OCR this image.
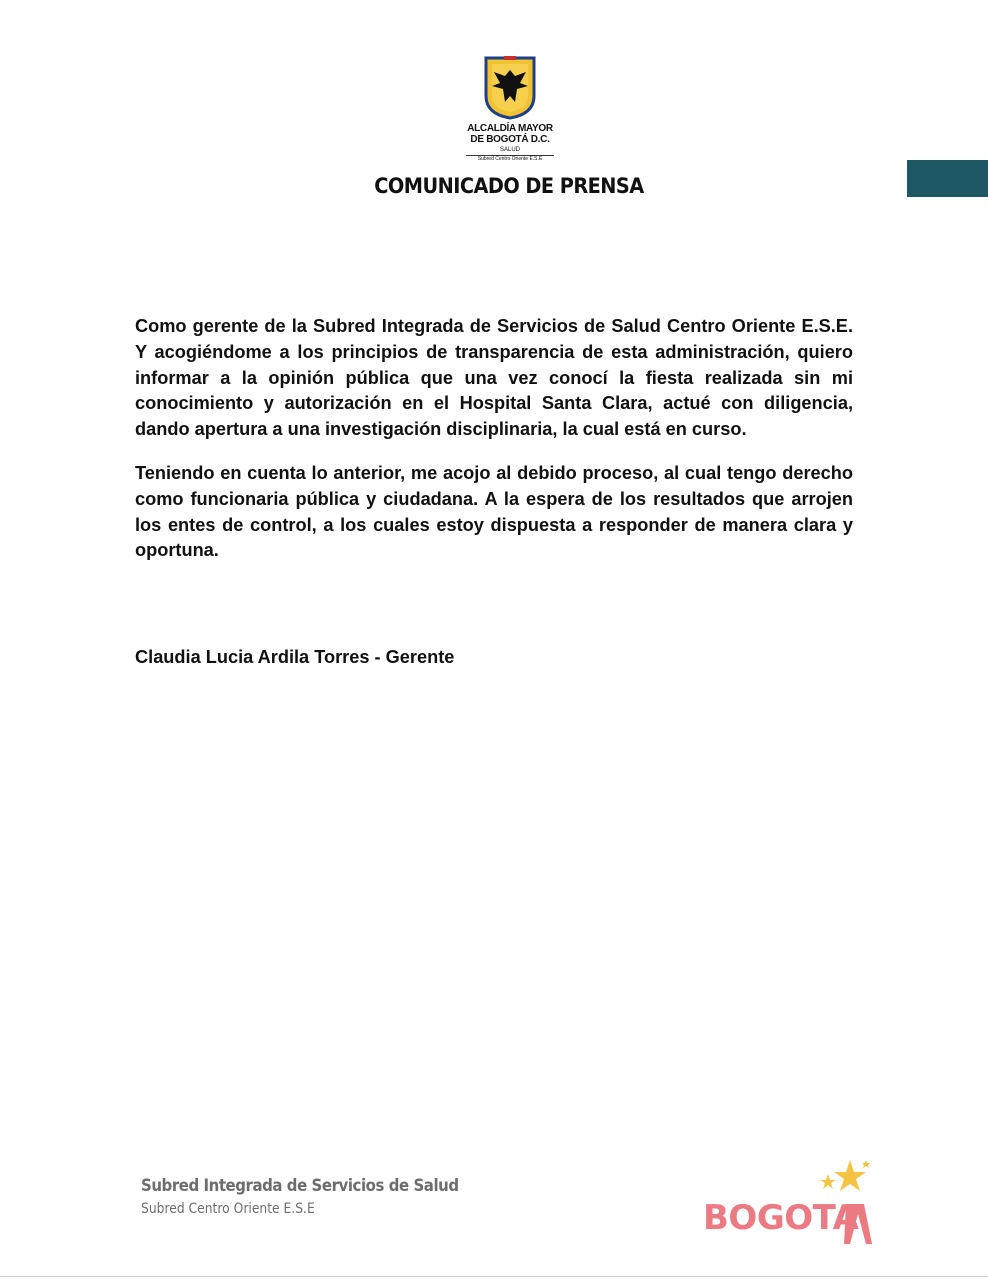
ALCALDÍA MAYOR
DE BOGOTÁ D.C.
SALUD
Subred Centro Oriente E.S.E
COMUNICADO DE PRENSA

Como gerente de la Subred Integrada de Servicios de Salud Centro Oriente E.S.E. Y acogiéndome a los principios de transparencia de esta administración, quiero informar a la opinión pública que una vez conocí la fiesta realizada sin mi conocimiento y autorización en el Hospital Santa Clara, actué con diligencia, dando apertura a una investigación disciplinaria, la cual está en curso.

Teniendo en cuenta lo anterior, me acojo al debido proceso, al cual tengo derecho como funcionaria pública y ciudadana. A la espera de los resultados que arrojen los entes de control, a los cuales estoy dispuesta a responder de manera clara y oportuna.

Claudia Lucia Ardila Torres - Gerente
Subred Integrada de Servicios de Salud
Subred Centro Oriente E.S.E	BOGOTA
